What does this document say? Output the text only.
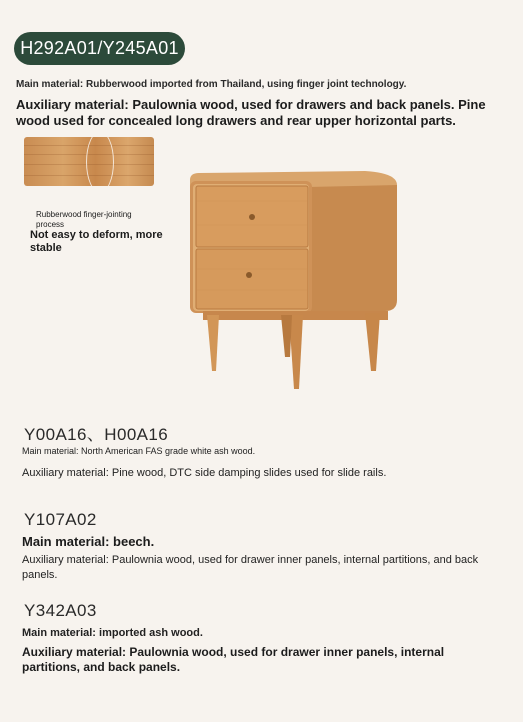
H292A01/Y245A01
Main material: Rubberwood imported from Thailand, using finger joint technology.
Auxiliary material: Paulownia wood, used for drawers and back panels. Pine wood used for concealed long drawers and rear upper horizontal parts.
Rubberwood finger-jointing process
Not easy to deform, more stable
Y00A16、H00A16
Main material: North American FAS grade white ash wood.
Auxiliary material: Pine wood, DTC side damping slides used for slide rails.
Y107A02
Main material: beech.
Auxiliary material: Paulownia wood, used for drawer inner panels, internal partitions, and back panels.
Y342A03
Main material: imported ash wood.
Auxiliary material: Paulownia wood, used for drawer inner panels, internal partitions, and back panels.
